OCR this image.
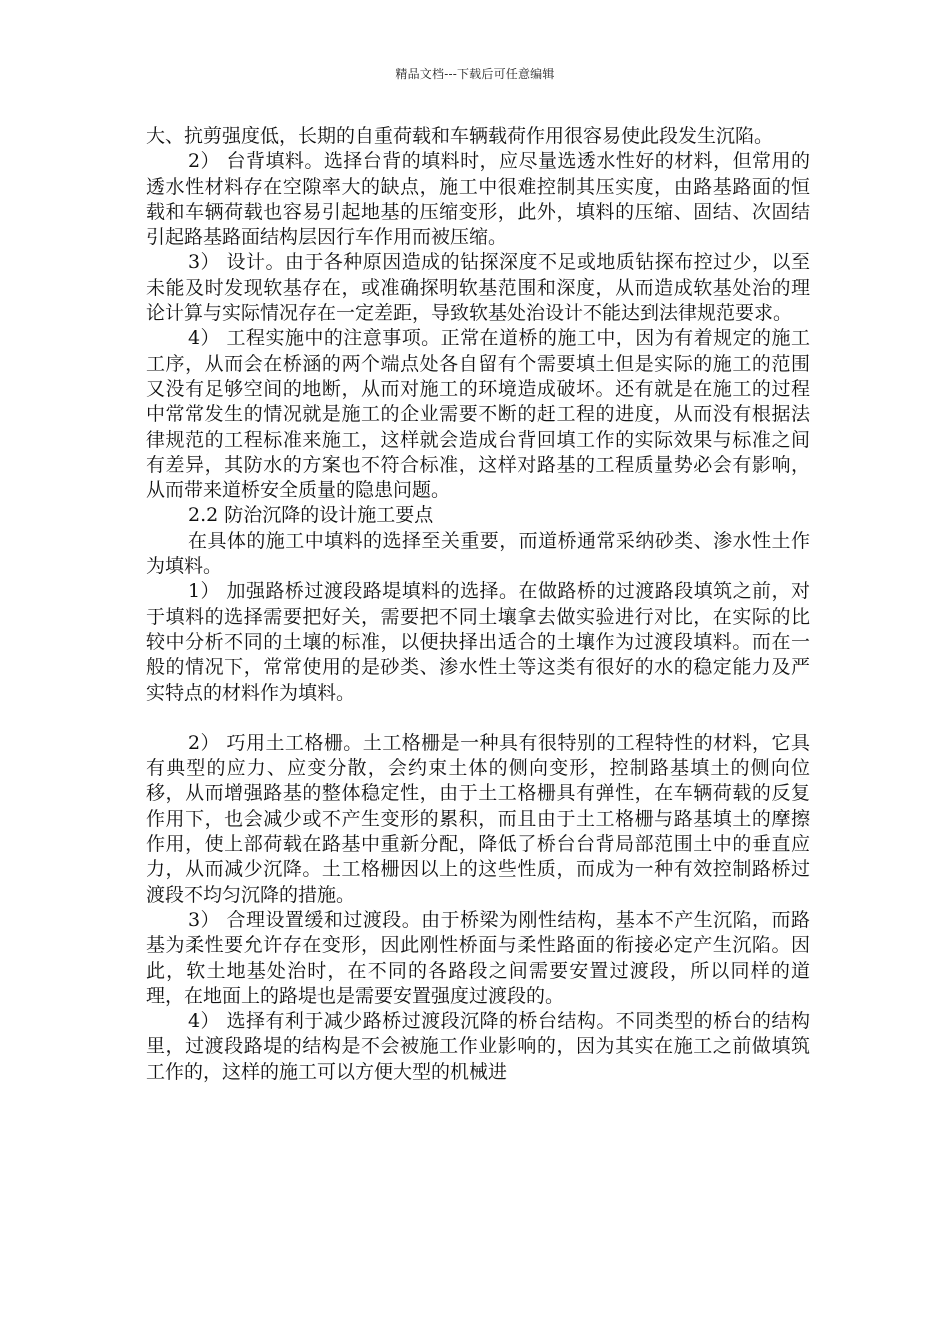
精品文档---下载后可任意编辑

大、抗剪强度低，长期的自重荷载和车辆载荷作用很容易使此段发生沉陷。

2） 台背填料。选择台背的填料时，应尽量选透水性好的材料，但常用的透水性材料存在空隙率大的缺点，施工中很难控制其压实度，由路基路面的恒载和车辆荷载也容易引起地基的压缩变形，此外，填料的压缩、固结、次固结引起路基路面结构层因行车作用而被压缩。

3） 设计。由于各种原因造成的钻探深度不足或地质钻探布控过少，以至未能及时发现软基存在，或准确探明软基范围和深度，从而造成软基处治的理论计算与实际情况存在一定差距，导致软基处治设计不能达到法律规范要求。

4） 工程实施中的注意事项。正常在道桥的施工中，因为有着规定的施工工序，从而会在桥涵的两个端点处各自留有个需要填土但是实际的施工的范围又没有足够空间的地断，从而对施工的环境造成破坏。还有就是在施工的过程中常常发生的情况就是施工的企业需要不断的赶工程的进度，从而没有根据法律规范的工程标准来施工，这样就会造成台背回填工作的实际效果与标准之间有差异，其防水的方案也不符合标准，这样对路基的工程质量势必会有影响，从而带来道桥安全质量的隐患问题。

2.2 防治沉降的设计施工要点

在具体的施工中填料的选择至关重要，而道桥通常采纳砂类、渗水性土作为填料。

1） 加强路桥过渡段路堤填料的选择。在做路桥的过渡路段填筑之前，对于填料的选择需要把好关，需要把不同土壤拿去做实验进行对比，在实际的比较中分析不同的土壤的标准，以便抉择出适合的土壤作为过渡段填料。而在一般的情况下，常常使用的是砂类、渗水性土等这类有很好的水的稳定能力及严实特点的材料作为填料。

2） 巧用土工格栅。土工格栅是一种具有很特别的工程特性的材料，它具有典型的应力、应变分散，会约束土体的侧向变形，控制路基填土的侧向位移，从而增强路基的整体稳定性，由于土工格栅具有弹性，在车辆荷载的反复作用下，也会减少或不产生变形的累积，而且由于土工格栅与路基填土的摩擦作用，使上部荷载在路基中重新分配，降低了桥台台背局部范围土中的垂直应力，从而减少沉降。土工格栅因以上的这些性质，而成为一种有效控制路桥过渡段不均匀沉降的措施。

3） 合理设置缓和过渡段。由于桥梁为刚性结构，基本不产生沉陷，而路基为柔性要允许存在变形，因此刚性桥面与柔性路面的衔接必定产生沉陷。因此，软土地基处治时，在不同的各路段之间需要安置过渡段，所以同样的道理，在地面上的路堤也是需要安置强度过渡段的。

4） 选择有利于减少路桥过渡段沉降的桥台结构。不同类型的桥台的结构里，过渡段路堤的结构是不会被施工作业影响的，因为其实在施工之前做填筑工作的，这样的施工可以方便大型的机械进
